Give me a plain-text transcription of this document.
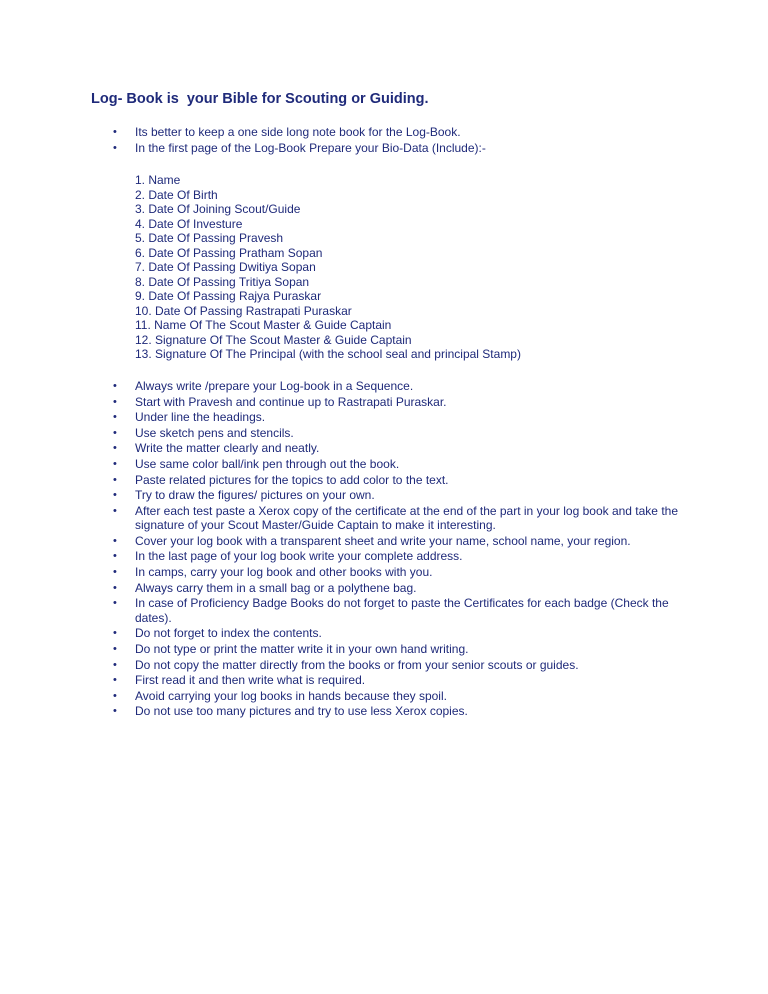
Log- Book is  your Bible for Scouting or Guiding.
• Its better to keep a one side long note book for the Log-Book.
• In the first page of the Log-Book Prepare your Bio-Data (Include):-
1. Name
2. Date Of Birth
3. Date Of Joining Scout/Guide
4. Date Of Investure
5. Date Of Passing Pravesh
6. Date Of Passing Pratham Sopan
7. Date Of Passing Dwitiya Sopan
8. Date Of Passing Tritiya Sopan
9. Date Of Passing Rajya Puraskar
10. Date Of Passing Rastrapati Puraskar
11. Name Of The Scout Master & Guide Captain
12. Signature Of The Scout Master & Guide Captain
13. Signature Of The Principal (with the school seal and principal Stamp)
• Always write /prepare your Log-book in a Sequence.
• Start with Pravesh and continue up to Rastrapati Puraskar.
• Under line the headings.
• Use sketch pens and stencils.
• Write the matter clearly and neatly.
• Use same color ball/ink pen through out the book.
• Paste related pictures for the topics to add color to the text.
• Try to draw the figures/ pictures on your own.
• After each test paste a Xerox copy of the certificate at the end of the part in your log book and take the signature of your Scout Master/Guide Captain to make it interesting.
• Cover your log book with a transparent sheet and write your name, school name, your region.
• In the last page of your log book write your complete address.
• In camps, carry your log book and other books with you.
• Always carry them in a small bag or a polythene bag.
• In case of Proficiency Badge Books do not forget to paste the Certificates for each badge (Check the dates).
• Do not forget to index the contents.
• Do not type or print the matter write it in your own hand writing.
• Do not copy the matter directly from the books or from your senior scouts or guides.
• First read it and then write what is required.
• Avoid carrying your log books in hands because they spoil.
• Do not use too many pictures and try to use less Xerox copies.
